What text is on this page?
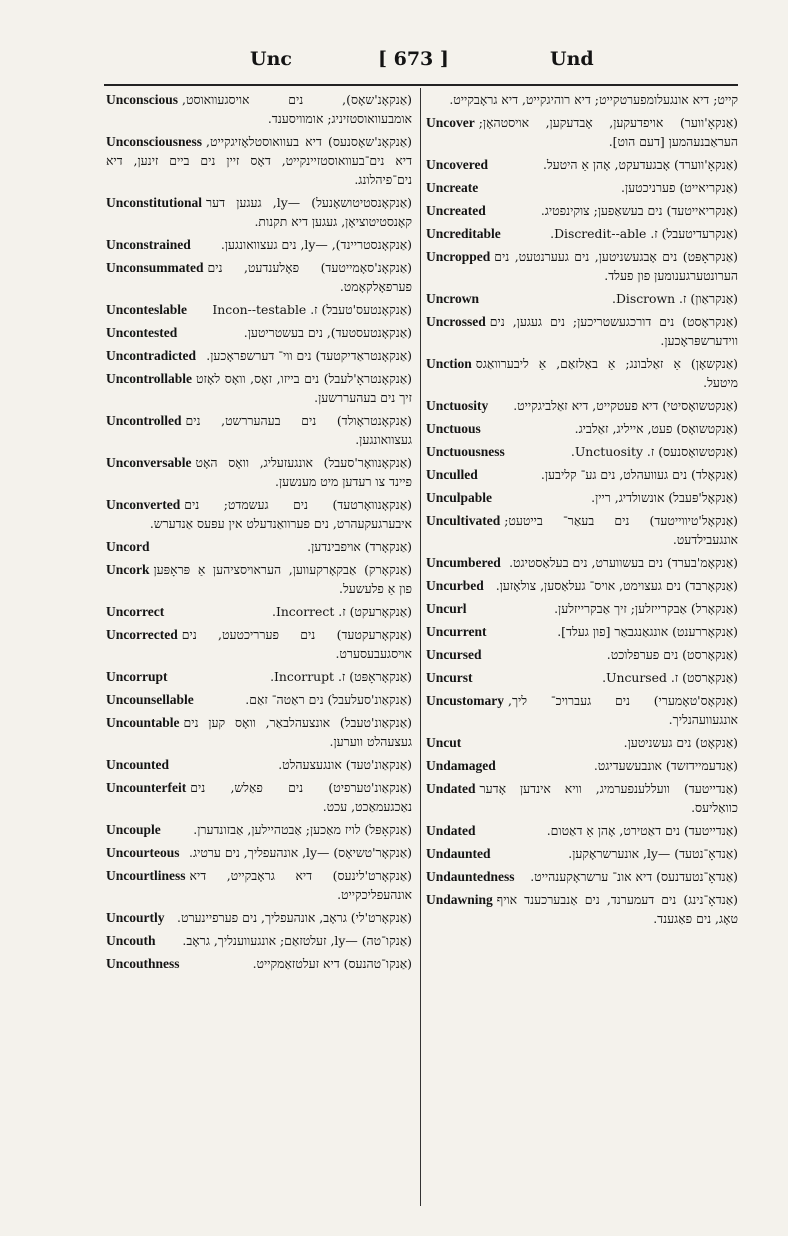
Unc	[ 673 ]	Und
Unconscious (אַנקאָנ'שאָס), נים אויסגעוואוסט, אומבעוואוסטזיניג; אומוויסענד.
Unconsciousness (אַנקאָנ'שאָסנעס) דיא בעוואוסטלאָזיגקייט, דיא נים־בעוואוסטזיינקייט, דאָס זיין נים ביים זינען, דיא נים־פיהלונג.
Unconstitutional (אַנקאָנסטיטושאָנעל) —ly, געגען דער קאָנסטיטוציאָן, געגען דיא תקנות.
Unconstrained (אַנקאָנסטריינד), —ly, נים געצוואונגען.
Unconsummated (אַנקאָנ'סאָמייטעד) פאָלענדעט, נים פערפאָלקאָמט.
Unconteslable (אַנקאָנטעס'טעבל) ז. Incon--testable
Uncontested	(אַנקאָנטעסטעד), נים בעשטריטען.
Uncontradicted (אַנקאָנטראַדיקטעד) נים ווי־ דערשפראָכען.
Uncontrollable (אַנקאָנטראָ'לעבל) נים בייזו, זאָס, וואָס לאָזט זיך נים בעהעררשען.
Uncontrolled (אַנקאָנטראָולד) נים בעהעררשט, נים געצוואונגען.
Unconversable (אַנקאָנוואָר'סעבל) אונגעזעליג, וואָס האָט פיינד צו רעדען מיט מענשען.
Unconverted (אַנקאָנוואָרטעד) נים געשמדט; נים איבערגעקעהרט, נים פערוואַנדעלט אין עפּעס אַנדערש.
Uncord	(אַנקאָרד) אויפבינדען.
Uncork (אַנקאָרק) אַבקאָרקעווען, העראויסציהען אַ פּראָפּען פון אַ פלעשעל.
Uncorrect	(אַנקאָרעקט) ז. Incorrect.
Uncorrected (אַנקאָרעקטעד) נים פערריכטעט, נים אויסגעבעסערט.
Uncorrupt	(אַנקאָראָפּט) ז. Incorrupt.
Uncounsellable	(אַנקאַונ'סעלעבל) נים ראַטה־ זאַם.
Uncountable (אַנקאַונ'טעבל) אונצעהלבאַר, וואָס קען נים געצעהלט ווערען.
Uncounted	(אַנקאַונ'טעד) אונגעצעהלט.
Uncounterfeit (אַנקאַונ'טערפיט) נים פאַלש, נים נאַכגעמאַכט, עכט.
Uncouple	(אַנקאָפּל) לויז מאַכען; אַבטהיילען, אַבזונדערן.
Uncourteous (אַנקאָר'טשיאָס) —ly, אונהעפליך, נים ערטיג.
Uncourtliness (אַנקאָרט'לינעס) דיא גראָבקייט, דיא אונהעפליכקייט.
Uncourtly (אַנקאָרט'לי) גראָב, אונהעפליך, נים פערפיינערט.
Uncouth (אַנקו־טה) —ly, זעלטזאַם; אונגעווענליך, גראָב.
Uncouthness	(אַנקו־טהנעס) דיא זעלטזאַמקייט.
קייט; דיא אונגעלומפערטקייט; דיא רוהיגקייט, דיא גראָבקייט.
Uncover (אַנקאָ'ווער) אויפדעקען, אָבדעקען, אויסטהאָן; העראַבנעהמען [דעם הוט].
Uncovered	(אַנקאָ'ווערד) אָבגעדעקט, אָהן אַ היטעל.
Uncreate	(אַנקריאייט) פערניכטען.
Uncreated	(אַנקריאייטעד) נים בעשאַפען; צוקינפטיג.
Uncreditable	(אַנקרעדיטעבל) ז. Discredit--able.
Uncropped (אַנקראָפּט) נים אָבגעשניטען, נים געערנטעט, נים הערונטערגענומען פון פעלד.
Uncrown	(אַנקראַון) ז. Discrown.
Uncrossed (אַנקראָסט) נים דורכגעשטריכען; נים געגען, נים ווידערשפּראָכען.
Unction (אַנקשאָן) אַ זאַלבונג; אַ באַלזאַם, אַ ליבערוואַגס מיטעל.
Unctuosity (אַנקטשואָסיטי) דיא פעטקייט, דיא זאַלביגקייט.
Unctuous	(אַנקטשואָס) פעט, אייליג, זאַלביג.
Unctuousness	(אַנקטשואָסנעס) ז. Unctuosity.
Unculled	(אַנקאָלד) נים געוועהלט, נים גע־ קליבען.
Unculpable	(אַנקאָל'פּעבל) אונשולדיג, ריין.
Uncultivated (אַנקאָל'טיווייטעד) נים בעאַר־ בייטעט; אונגעבילדעט.
Uncumbered (אַנקאָמ'בערד) נים בעשווערט, נים בעלאַסטיגט.
Uncurbed (אַנקאָרבד) נים געצוימט, אויס־ געלאַסען, צולאָזען.
Uncurl	(אַנקאָרל) אַבקרייזלען; זיך אַבקרייזלען.
Uncurrent	(אַנקאָררענט) אונגאַנגבאַר [פון געלד].
Uncursed	(אַנקאָרסט) נים פערפלוכט.
Uncurst	(אַנקאָרסט) ז. Uncursed.
Uncustomary (אַנקאָס'טאָמערי) נים געברויכ־ ליך, אונגעוועהנליך.
Uncut	(אַנקאָט) נים געשניטען.
Undamaged	(אַנדעמיידזשד) אונבעשעדיגט.
Undated (אַנדייטעד) וועללענפערמיג, וויא אינדען אָדער כוואַליעס.
Undated	(אַנדייטעד) נים דאַטירט, אָהן אַ דאַטום.
Undaunted	(אַנדאָ־נטעד) —ly, אונערשראָקען.
Undauntedness (אַנדאָ־נטעדנעס) דיא אונ־ ערשראָקענהייט.
Undawning (אַנדאָ־נינג) נים דעמערנד, נים אַנבערכענד אויף טאָג, נים פאַגענד.
